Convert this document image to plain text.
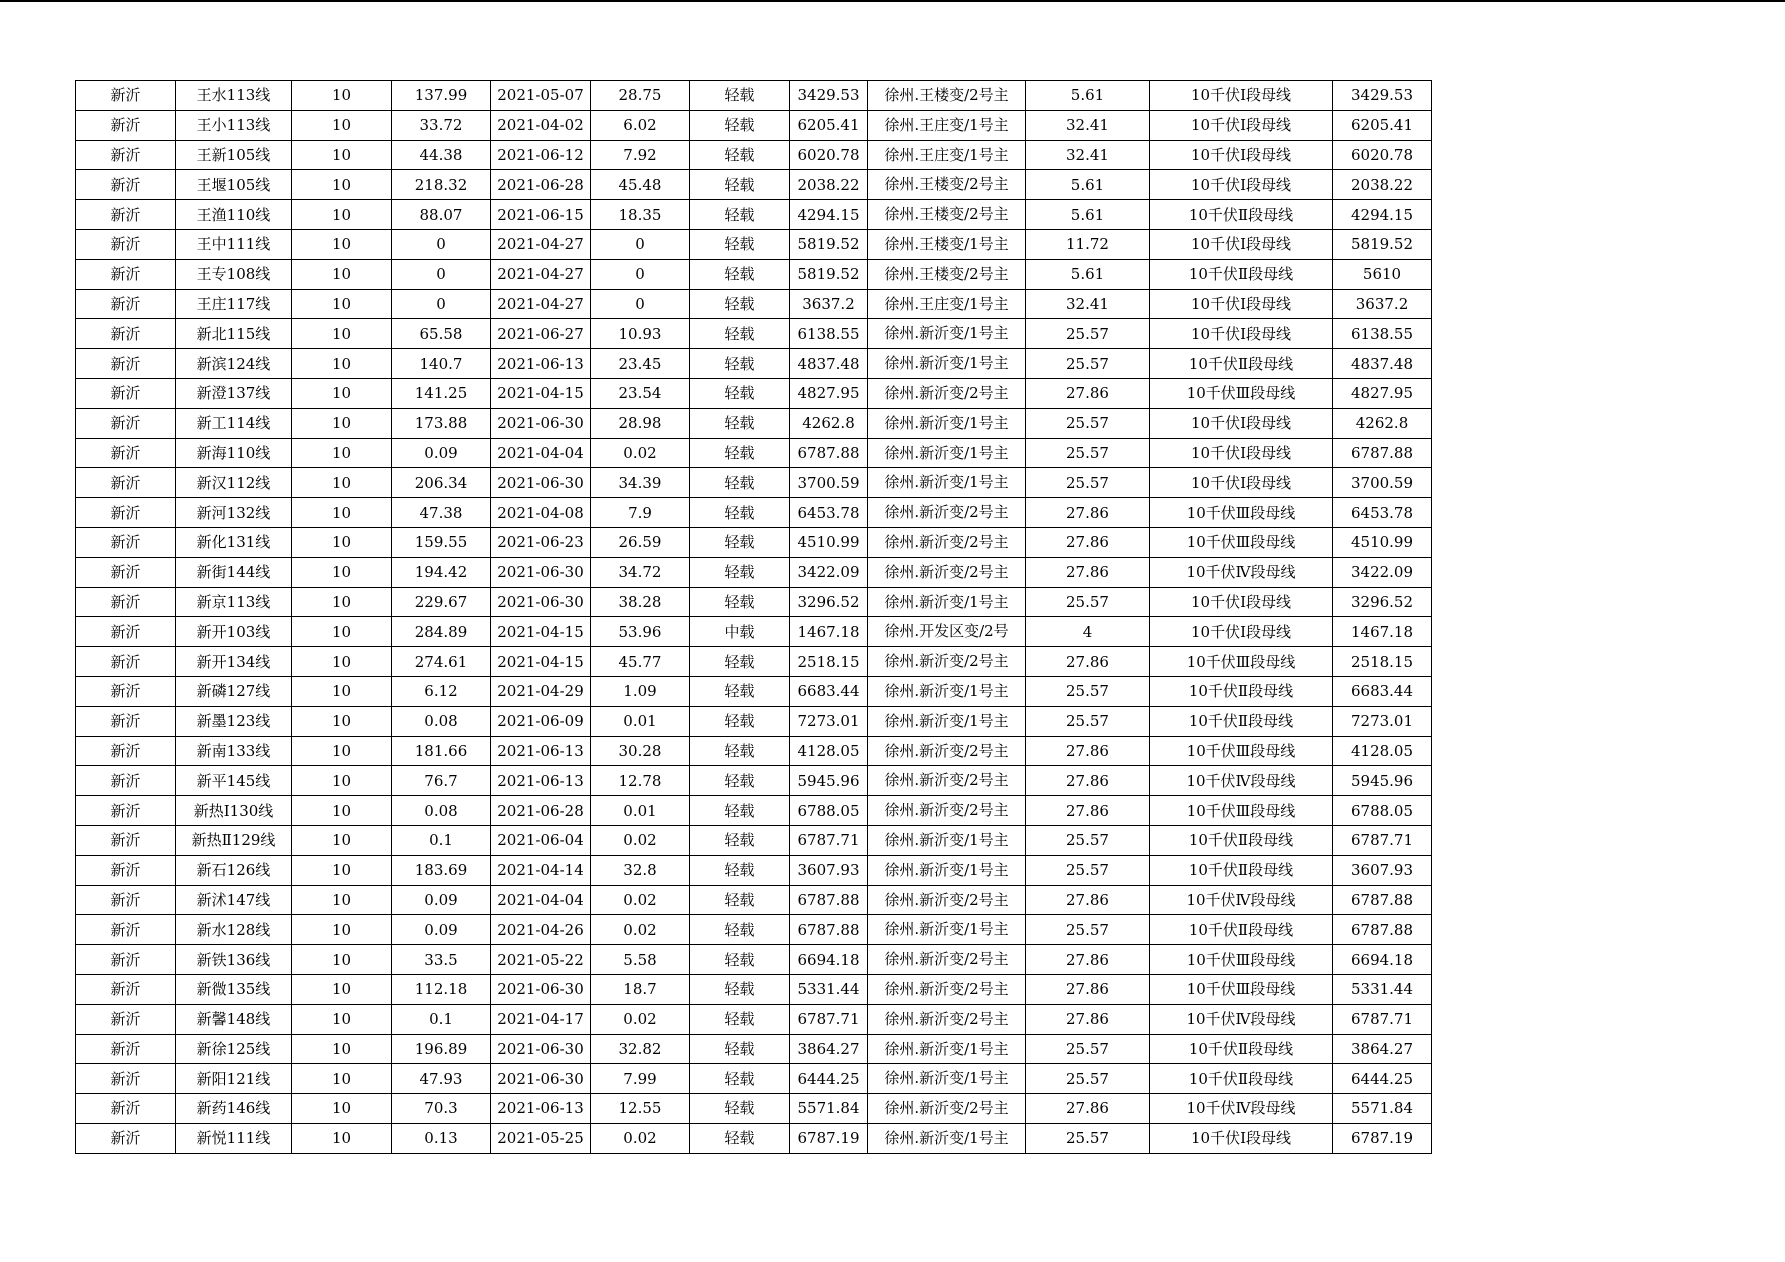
新沂	王水113线	10	137.99	2021-05-07	28.75	轻载	3429.53	徐州.王楼变/2号主	5.61	10千伏Ⅰ段母线	3429.53
新沂	王小113线	10	33.72	2021-04-02	6.02	轻载	6205.41	徐州.王庄变/1号主	32.41	10千伏Ⅰ段母线	6205.41
新沂	王新105线	10	44.38	2021-06-12	7.92	轻载	6020.78	徐州.王庄变/1号主	32.41	10千伏Ⅰ段母线	6020.78
新沂	王堰105线	10	218.32	2021-06-28	45.48	轻载	2038.22	徐州.王楼变/2号主	5.61	10千伏Ⅰ段母线	2038.22
新沂	王渔110线	10	88.07	2021-06-15	18.35	轻载	4294.15	徐州.王楼变/2号主	5.61	10千伏Ⅱ段母线	4294.15
新沂	王中111线	10	0	2021-04-27	0	轻载	5819.52	徐州.王楼变/1号主	11.72	10千伏Ⅰ段母线	5819.52
新沂	王专108线	10	0	2021-04-27	0	轻载	5819.52	徐州.王楼变/2号主	5.61	10千伏Ⅱ段母线	5610
新沂	王庄117线	10	0	2021-04-27	0	轻载	3637.2	徐州.王庄变/1号主	32.41	10千伏Ⅰ段母线	3637.2
新沂	新北115线	10	65.58	2021-06-27	10.93	轻载	6138.55	徐州.新沂变/1号主	25.57	10千伏Ⅰ段母线	6138.55
新沂	新滨124线	10	140.7	2021-06-13	23.45	轻载	4837.48	徐州.新沂变/1号主	25.57	10千伏Ⅱ段母线	4837.48
新沂	新澄137线	10	141.25	2021-04-15	23.54	轻载	4827.95	徐州.新沂变/2号主	27.86	10千伏Ⅲ段母线	4827.95
新沂	新工114线	10	173.88	2021-06-30	28.98	轻载	4262.8	徐州.新沂变/1号主	25.57	10千伏Ⅰ段母线	4262.8
新沂	新海110线	10	0.09	2021-04-04	0.02	轻载	6787.88	徐州.新沂变/1号主	25.57	10千伏Ⅰ段母线	6787.88
新沂	新汉112线	10	206.34	2021-06-30	34.39	轻载	3700.59	徐州.新沂变/1号主	25.57	10千伏Ⅰ段母线	3700.59
新沂	新河132线	10	47.38	2021-04-08	7.9	轻载	6453.78	徐州.新沂变/2号主	27.86	10千伏Ⅲ段母线	6453.78
新沂	新化131线	10	159.55	2021-06-23	26.59	轻载	4510.99	徐州.新沂变/2号主	27.86	10千伏Ⅲ段母线	4510.99
新沂	新街144线	10	194.42	2021-06-30	34.72	轻载	3422.09	徐州.新沂变/2号主	27.86	10千伏Ⅳ段母线	3422.09
新沂	新京113线	10	229.67	2021-06-30	38.28	轻载	3296.52	徐州.新沂变/1号主	25.57	10千伏Ⅰ段母线	3296.52
新沂	新开103线	10	284.89	2021-04-15	53.96	中载	1467.18	徐州.开发区变/2号	4	10千伏Ⅰ段母线	1467.18
新沂	新开134线	10	274.61	2021-04-15	45.77	轻载	2518.15	徐州.新沂变/2号主	27.86	10千伏Ⅲ段母线	2518.15
新沂	新磷127线	10	6.12	2021-04-29	1.09	轻载	6683.44	徐州.新沂变/1号主	25.57	10千伏Ⅱ段母线	6683.44
新沂	新墨123线	10	0.08	2021-06-09	0.01	轻载	7273.01	徐州.新沂变/1号主	25.57	10千伏Ⅱ段母线	7273.01
新沂	新南133线	10	181.66	2021-06-13	30.28	轻载	4128.05	徐州.新沂变/2号主	27.86	10千伏Ⅲ段母线	4128.05
新沂	新平145线	10	76.7	2021-06-13	12.78	轻载	5945.96	徐州.新沂变/2号主	27.86	10千伏Ⅳ段母线	5945.96
新沂	新热Ⅰ130线	10	0.08	2021-06-28	0.01	轻载	6788.05	徐州.新沂变/2号主	27.86	10千伏Ⅲ段母线	6788.05
新沂	新热Ⅱ129线	10	0.1	2021-06-04	0.02	轻载	6787.71	徐州.新沂变/1号主	25.57	10千伏Ⅱ段母线	6787.71
新沂	新石126线	10	183.69	2021-04-14	32.8	轻载	3607.93	徐州.新沂变/1号主	25.57	10千伏Ⅱ段母线	3607.93
新沂	新沭147线	10	0.09	2021-04-04	0.02	轻载	6787.88	徐州.新沂变/2号主	27.86	10千伏Ⅳ段母线	6787.88
新沂	新水128线	10	0.09	2021-04-26	0.02	轻载	6787.88	徐州.新沂变/1号主	25.57	10千伏Ⅱ段母线	6787.88
新沂	新铁136线	10	33.5	2021-05-22	5.58	轻载	6694.18	徐州.新沂变/2号主	27.86	10千伏Ⅲ段母线	6694.18
新沂	新微135线	10	112.18	2021-06-30	18.7	轻载	5331.44	徐州.新沂变/2号主	27.86	10千伏Ⅲ段母线	5331.44
新沂	新馨148线	10	0.1	2021-04-17	0.02	轻载	6787.71	徐州.新沂变/2号主	27.86	10千伏Ⅳ段母线	6787.71
新沂	新徐125线	10	196.89	2021-06-30	32.82	轻载	3864.27	徐州.新沂变/1号主	25.57	10千伏Ⅱ段母线	3864.27
新沂	新阳121线	10	47.93	2021-06-30	7.99	轻载	6444.25	徐州.新沂变/1号主	25.57	10千伏Ⅱ段母线	6444.25
新沂	新药146线	10	70.3	2021-06-13	12.55	轻载	5571.84	徐州.新沂变/2号主	27.86	10千伏Ⅳ段母线	5571.84
新沂	新悦111线	10	0.13	2021-05-25	0.02	轻载	6787.19	徐州.新沂变/1号主	25.57	10千伏Ⅰ段母线	6787.19
